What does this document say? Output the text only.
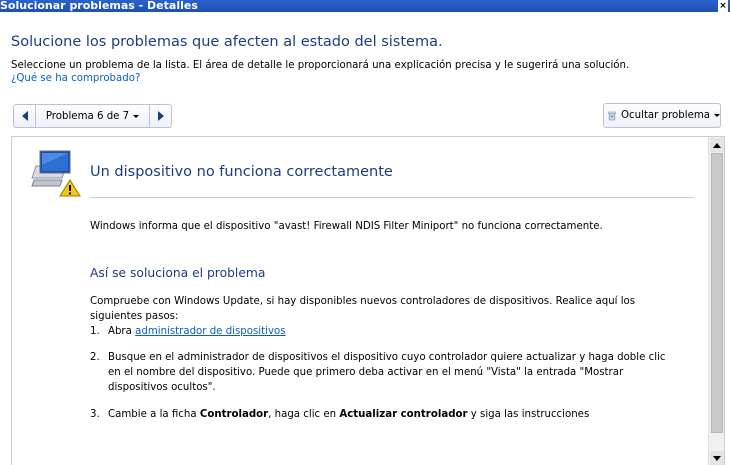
Solucionar problemas - Detalles	×
Solucione los problemas que afecten al estado del sistema.
Seleccione un problema de la lista. El área de detalle le proporcionará una explicación precisa y le sugerirá una solución.
¿Qué se ha comprobado?
Problema 6 de 7	Ocultar problema
Un dispositivo no funciona correctamente
Windows informa que el dispositivo "avast! Firewall NDIS Filter Miniport" no funciona correctamente.
Así se soluciona el problema
Compruebe con Windows Update, si hay disponibles nuevos controladores de dispositivos. Realice aquí los
siguientes pasos:
1. Abra administrador de dispositivos
2. Busque en el administrador de dispositivos el dispositivo cuyo controlador quiere actualizar y haga doble clic
en el nombre del dispositivo. Puede que primero deba activar en el menú "Vista" la entrada "Mostrar
dispositivos ocultos".
3. Cambie a la ficha Controlador, haga clic en Actualizar controlador y siga las instrucciones
